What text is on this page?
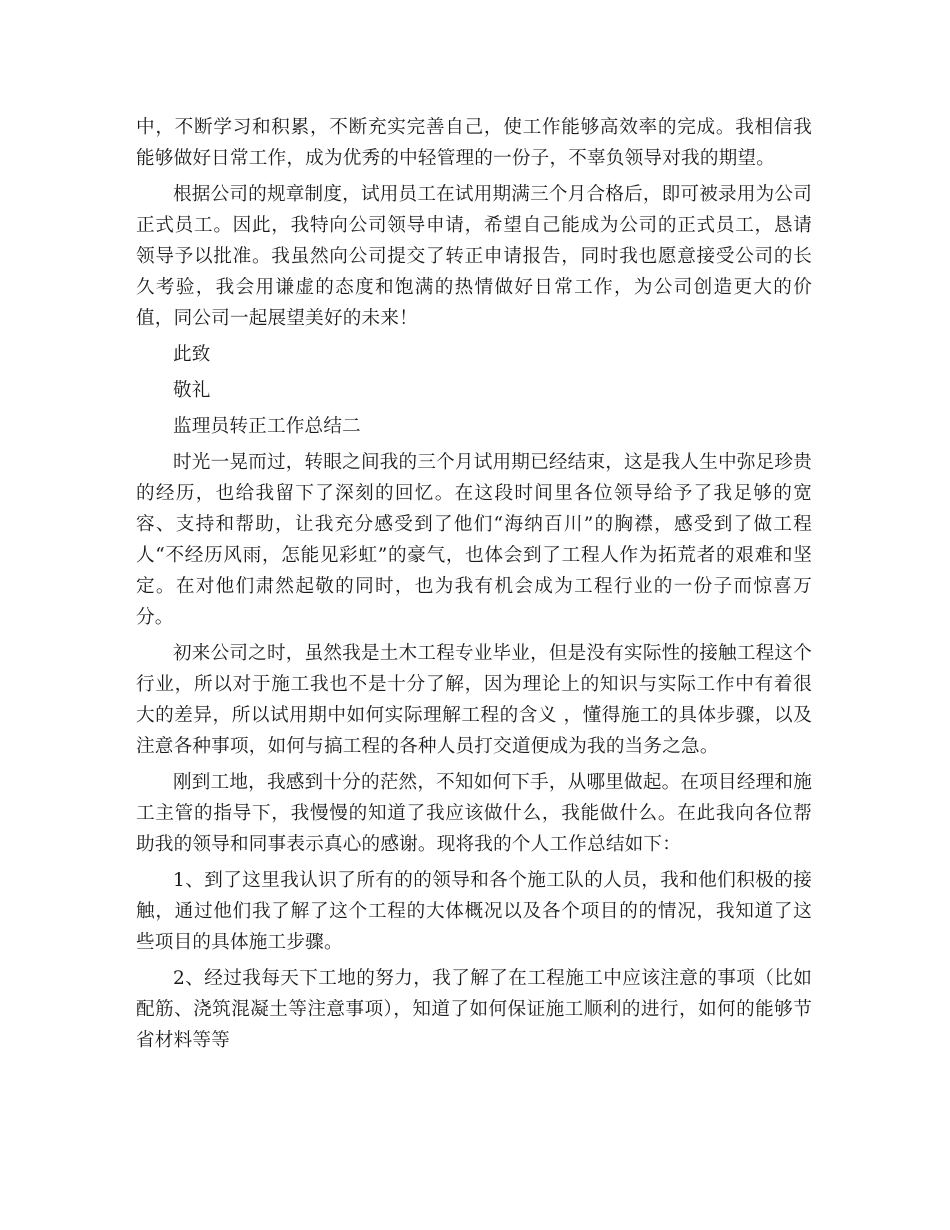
中，不断学习和积累，不断充实完善自己，使工作能够高效率的完成。我相信我能够做好日常工作，成为优秀的中轻管理的一份子，不辜负领导对我的期望。

根据公司的规章制度，试用员工在试用期满三个月合格后，即可被录用为公司正式员工。因此，我特向公司领导申请，希望自己能成为公司的正式员工，恳请领导予以批准。我虽然向公司提交了转正申请报告，同时我也愿意接受公司的长久考验，我会用谦虚的态度和饱满的热情做好日常工作，为公司创造更大的价值，同公司一起展望美好的未来！

此致

敬礼

监理员转正工作总结二

时光一晃而过，转眼之间我的三个月试用期已经结束，这是我人生中弥足珍贵的经历，也给我留下了深刻的回忆。在这段时间里各位领导给予了我足够的宽容、支持和帮助，让我充分感受到了他们“海纳百川”的胸襟，感受到了做工程人“不经历风雨，怎能见彩虹”的豪气，也体会到了工程人作为拓荒者的艰难和坚定。在对他们肃然起敬的同时，也为我有机会成为工程行业的一份子而惊喜万分。

初来公司之时，虽然我是土木工程专业毕业，但是没有实际性的接触工程这个行业，所以对于施工我也不是十分了解，因为理论上的知识与实际工作中有着很大的差异，所以试用期中如何实际理解工程的含义 ，懂得施工的具体步骤，以及注意各种事项，如何与搞工程的各种人员打交道便成为我的当务之急。

刚到工地，我感到十分的茫然，不知如何下手，从哪里做起。在项目经理和施工主管的指导下，我慢慢的知道了我应该做什么，我能做什么。在此我向各位帮助我的领导和同事表示真心的感谢。现将我的个人工作总结如下：

1、到了这里我认识了所有的的领导和各个施工队的人员，我和他们积极的接触，通过他们我了解了这个工程的大体概况以及各个项目的的情况，我知道了这些项目的具体施工步骤。

2、经过我每天下工地的努力，我了解了在工程施工中应该注意的事项（比如配筋、浇筑混凝土等注意事项），知道了如何保证施工顺利的进行，如何的能够节省材料等等
